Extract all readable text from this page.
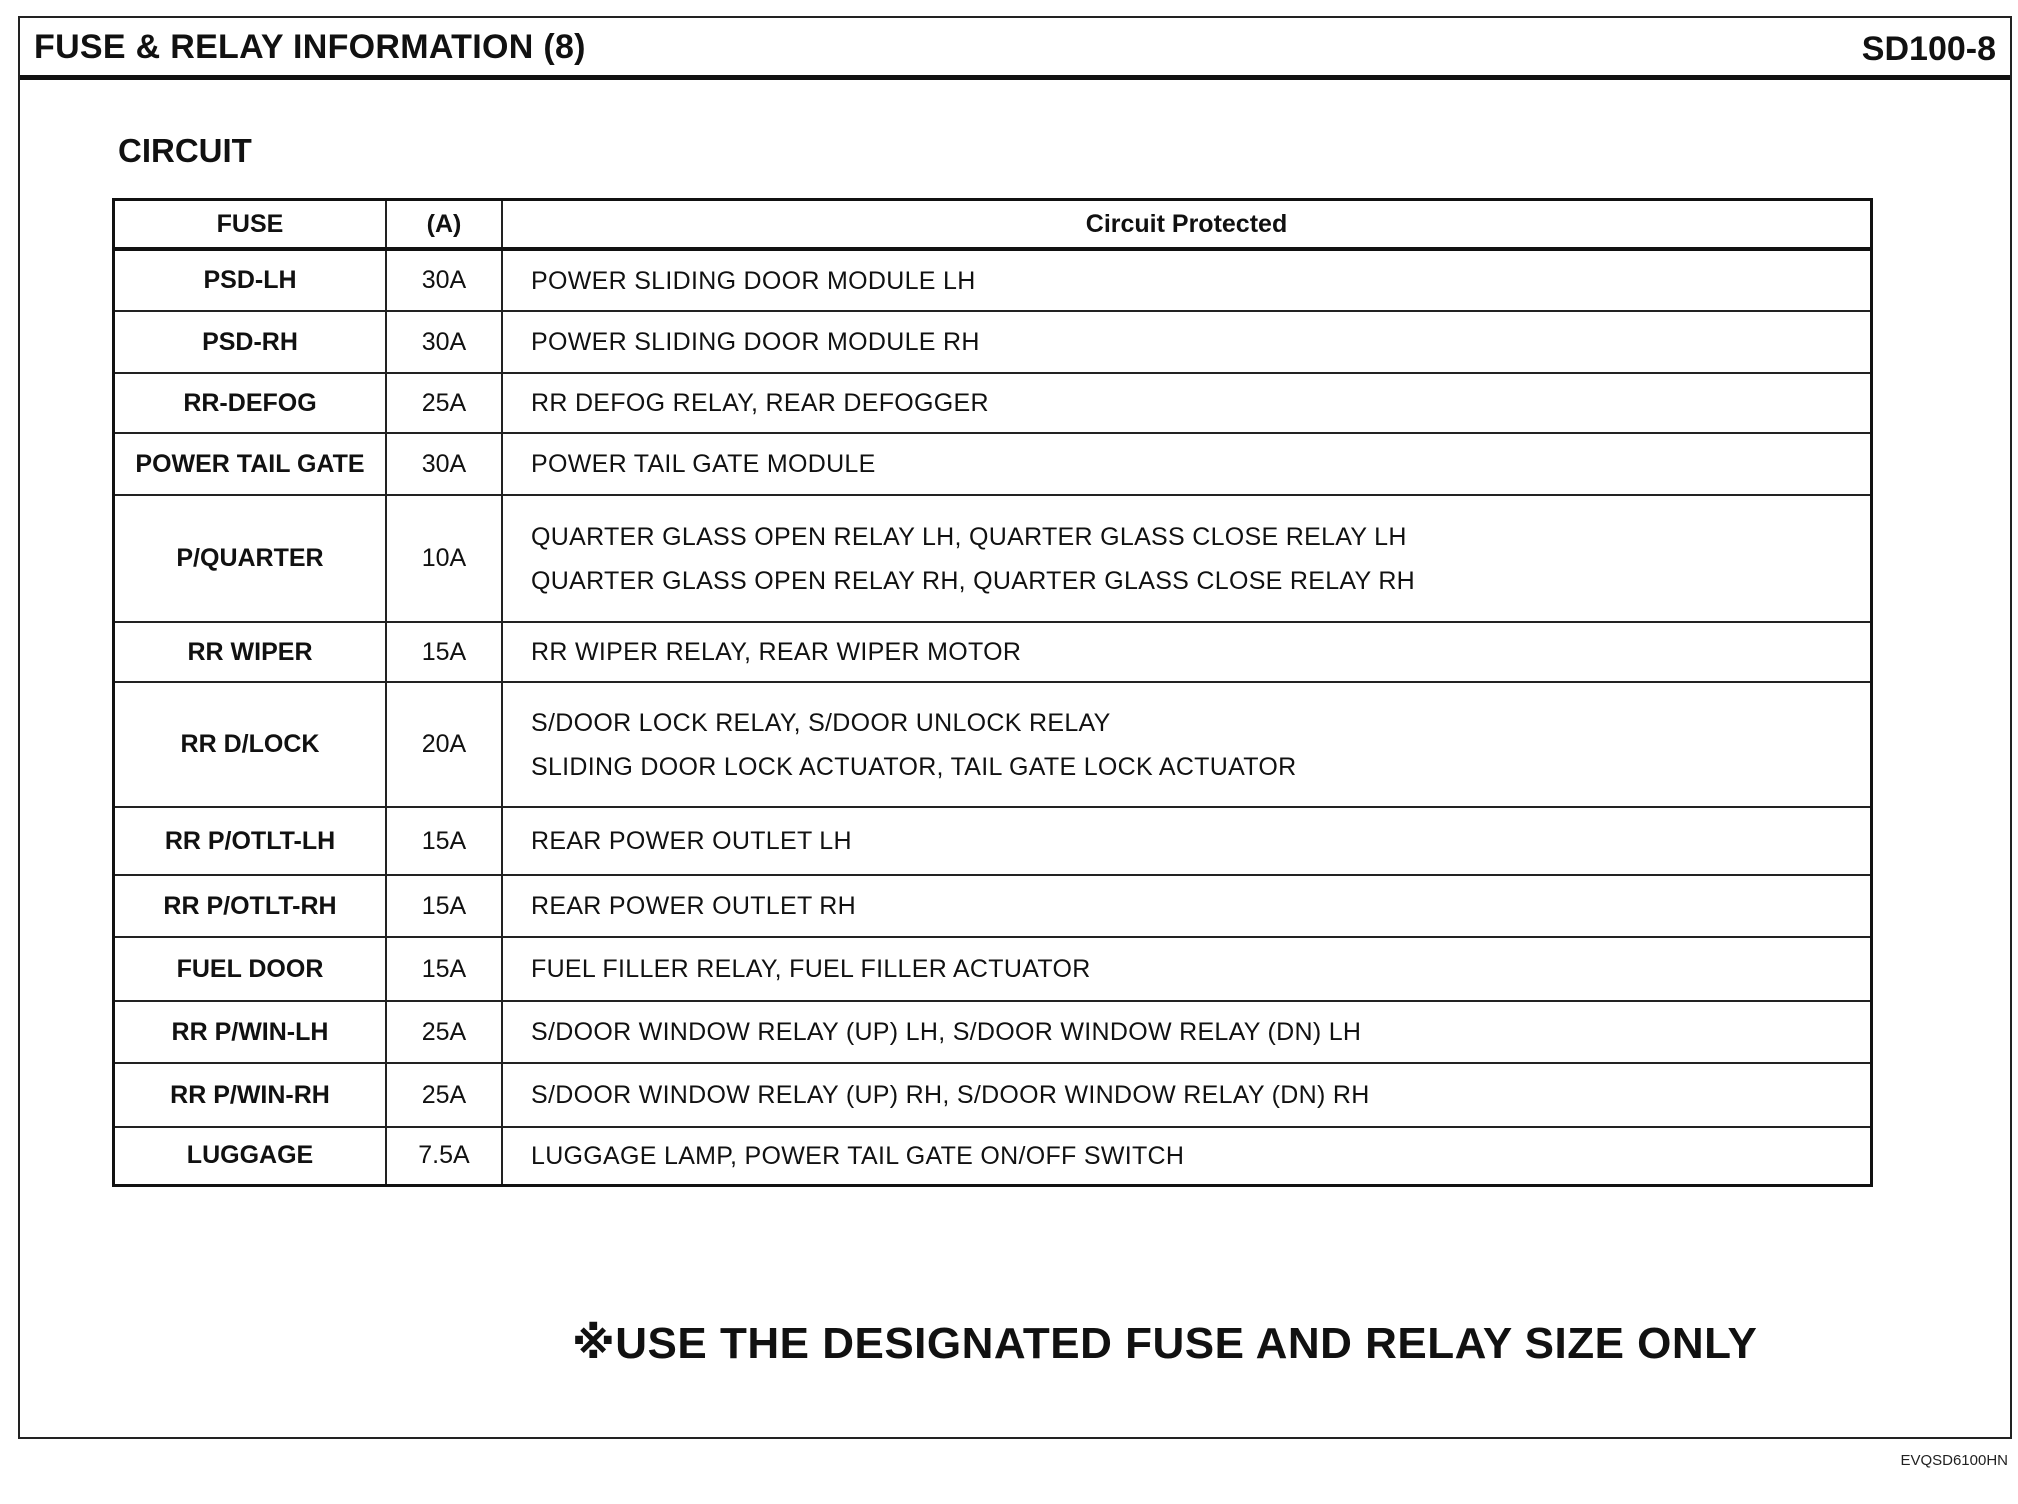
FUSE & RELAY INFORMATION (8)	SD100-8
CIRCUIT
FUSE	(A)	Circuit Protected
PSD-LH	30A	POWER SLIDING DOOR MODULE LH

PSD-RH	30A	POWER SLIDING DOOR MODULE RH

RR-DEFOG	25A	RR DEFOG RELAY, REAR DEFOGGER

POWER TAIL GATE	30A	POWER TAIL GATE MODULE

P/QUARTER	10A	QUARTER GLASS OPEN RELAY LH, QUARTER GLASS CLOSE RELAY LH
QUARTER GLASS OPEN RELAY RH, QUARTER GLASS CLOSE RELAY RH

RR WIPER	15A	RR WIPER RELAY, REAR WIPER MOTOR

RR D/LOCK	20A	S/DOOR LOCK RELAY, S/DOOR UNLOCK RELAY
SLIDING DOOR LOCK ACTUATOR, TAIL GATE LOCK ACTUATOR

RR P/OTLT-LH	15A	REAR POWER OUTLET LH

RR P/OTLT-RH	15A	REAR POWER OUTLET RH

FUEL DOOR	15A	FUEL FILLER RELAY, FUEL FILLER ACTUATOR

RR P/WIN-LH	25A	S/DOOR WINDOW RELAY (UP) LH, S/DOOR WINDOW RELAY (DN) LH

RR P/WIN-RH	25A	S/DOOR WINDOW RELAY (UP) RH, S/DOOR WINDOW RELAY (DN) RH

LUGGAGE	7.5A	LUGGAGE LAMP, POWER TAIL GATE ON/OFF SWITCH
※USE THE DESIGNATED FUSE AND RELAY SIZE ONLY
EVQSD6100HN
